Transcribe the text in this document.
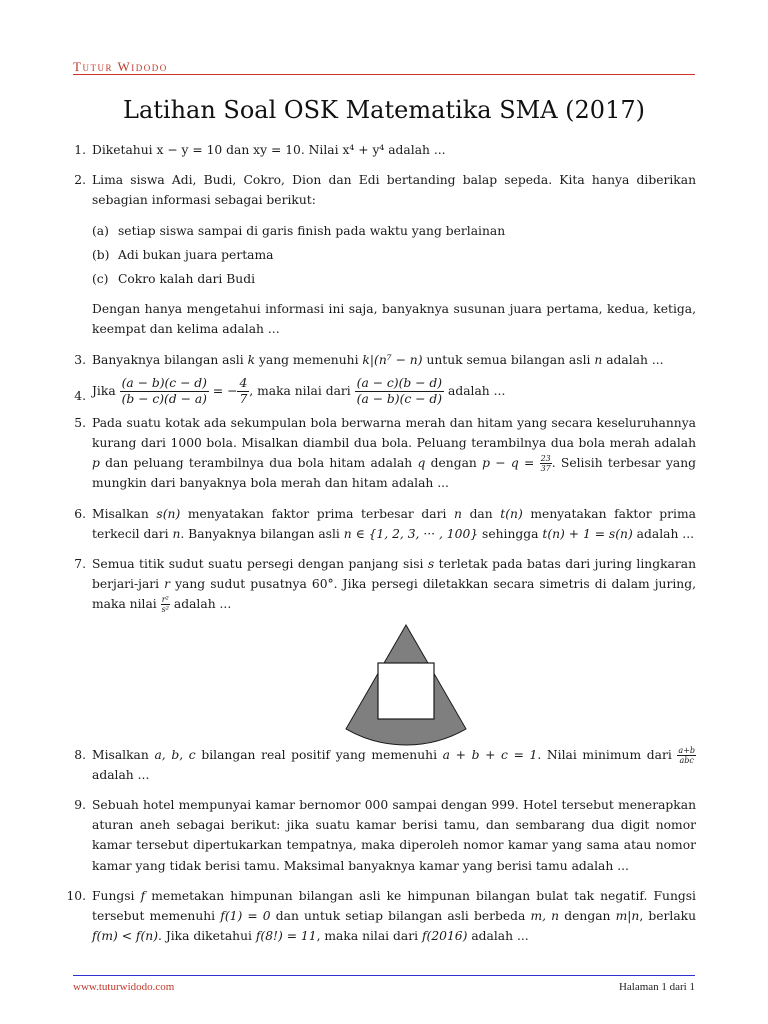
Tutur Widodo
Latihan Soal OSK Matematika SMA (2017)
1. Diketahui x − y = 10 dan xy = 10. Nilai x⁴ + y⁴ adalah ...
2. Lima siswa Adi, Budi, Cokro, Dion dan Edi bertanding balap sepeda. Kita hanya diberikan sebagian informasi sebagai berikut:
(a) setiap siswa sampai di garis finish pada waktu yang berlainan
(b) Adi bukan juara pertama
(c) Cokro kalah dari Budi
Dengan hanya mengetahui informasi ini saja, banyaknya susunan juara pertama, kedua, ketiga, keempat dan kelima adalah ...
3. Banyaknya bilangan asli k yang memenuhi k|(n⁷ − n) untuk semua bilangan asli n adalah ...
4. Jika $\frac{(a - b)(c - d)}{(b - c)(d - a)}$ = − $\frac{4}{7}$ , maka nilai dari $\frac{(a - c)(b - d)}{(a - b)(c - d)}$ adalah ...
5. Pada suatu kotak ada sekumpulan bola berwarna merah dan hitam yang secara keseluruhannya kurang dari 1000 bola. Misalkan diambil dua bola. Peluang terambilnya dua bola merah adalah p dan peluang terambilnya dua bola hitam adalah q dengan $p - q = \frac{23}{37}$ . Selisih terbesar yang mungkin dari banyaknya bola merah dan hitam adalah ...
6. Misalkan s(n) menyatakan faktor prima terbesar dari n dan t(n) menyatakan faktor prima terkecil dari n. Banyaknya bilangan asli n ∈ {1, 2, 3, ··· , 100} sehingga t(n) + 1 = s(n) adalah ...
7. Semua titik sudut suatu persegi dengan panjang sisi s terletak pada batas dari juring lingkaran berjari-jari r yang sudut pusatnya 60°. Jika persegi diletakkan secara simetris di dalam juring, maka nilai $\frac{\text{r²}}{\text{s²}}$ adalah ...
8. Misalkan a, b, c bilangan real positif yang memenuhi a + b + c = 1. Nilai minimum dari a+b
abc
adalah ...
9. Sebuah hotel mempunyai kamar bernomor 000 sampai dengan 999. Hotel tersebut menerapkan aturan aneh sebagai berikut: jika suatu kamar berisi tamu, dan sembarang dua digit nomor kamar tersebut dipertukarkan tempatnya, maka diperoleh nomor kamar yang sama atau nomor kamar yang tidak berisi tamu. Maksimal banyaknya kamar yang berisi tamu adalah ...
10. Fungsi f memetakan himpunan bilangan asli ke himpunan bilangan bulat tak negatif. Fungsi tersebut memenuhi f(1) = 0 dan untuk setiap bilangan asli berbeda m, n dengan m|n, berlaku f(m) < f(n). Jika diketahui f(8!) = 11, maka nilai dari f(2016) adalah ...
www.tuturwidodo.com	Halaman 1 dari 1
